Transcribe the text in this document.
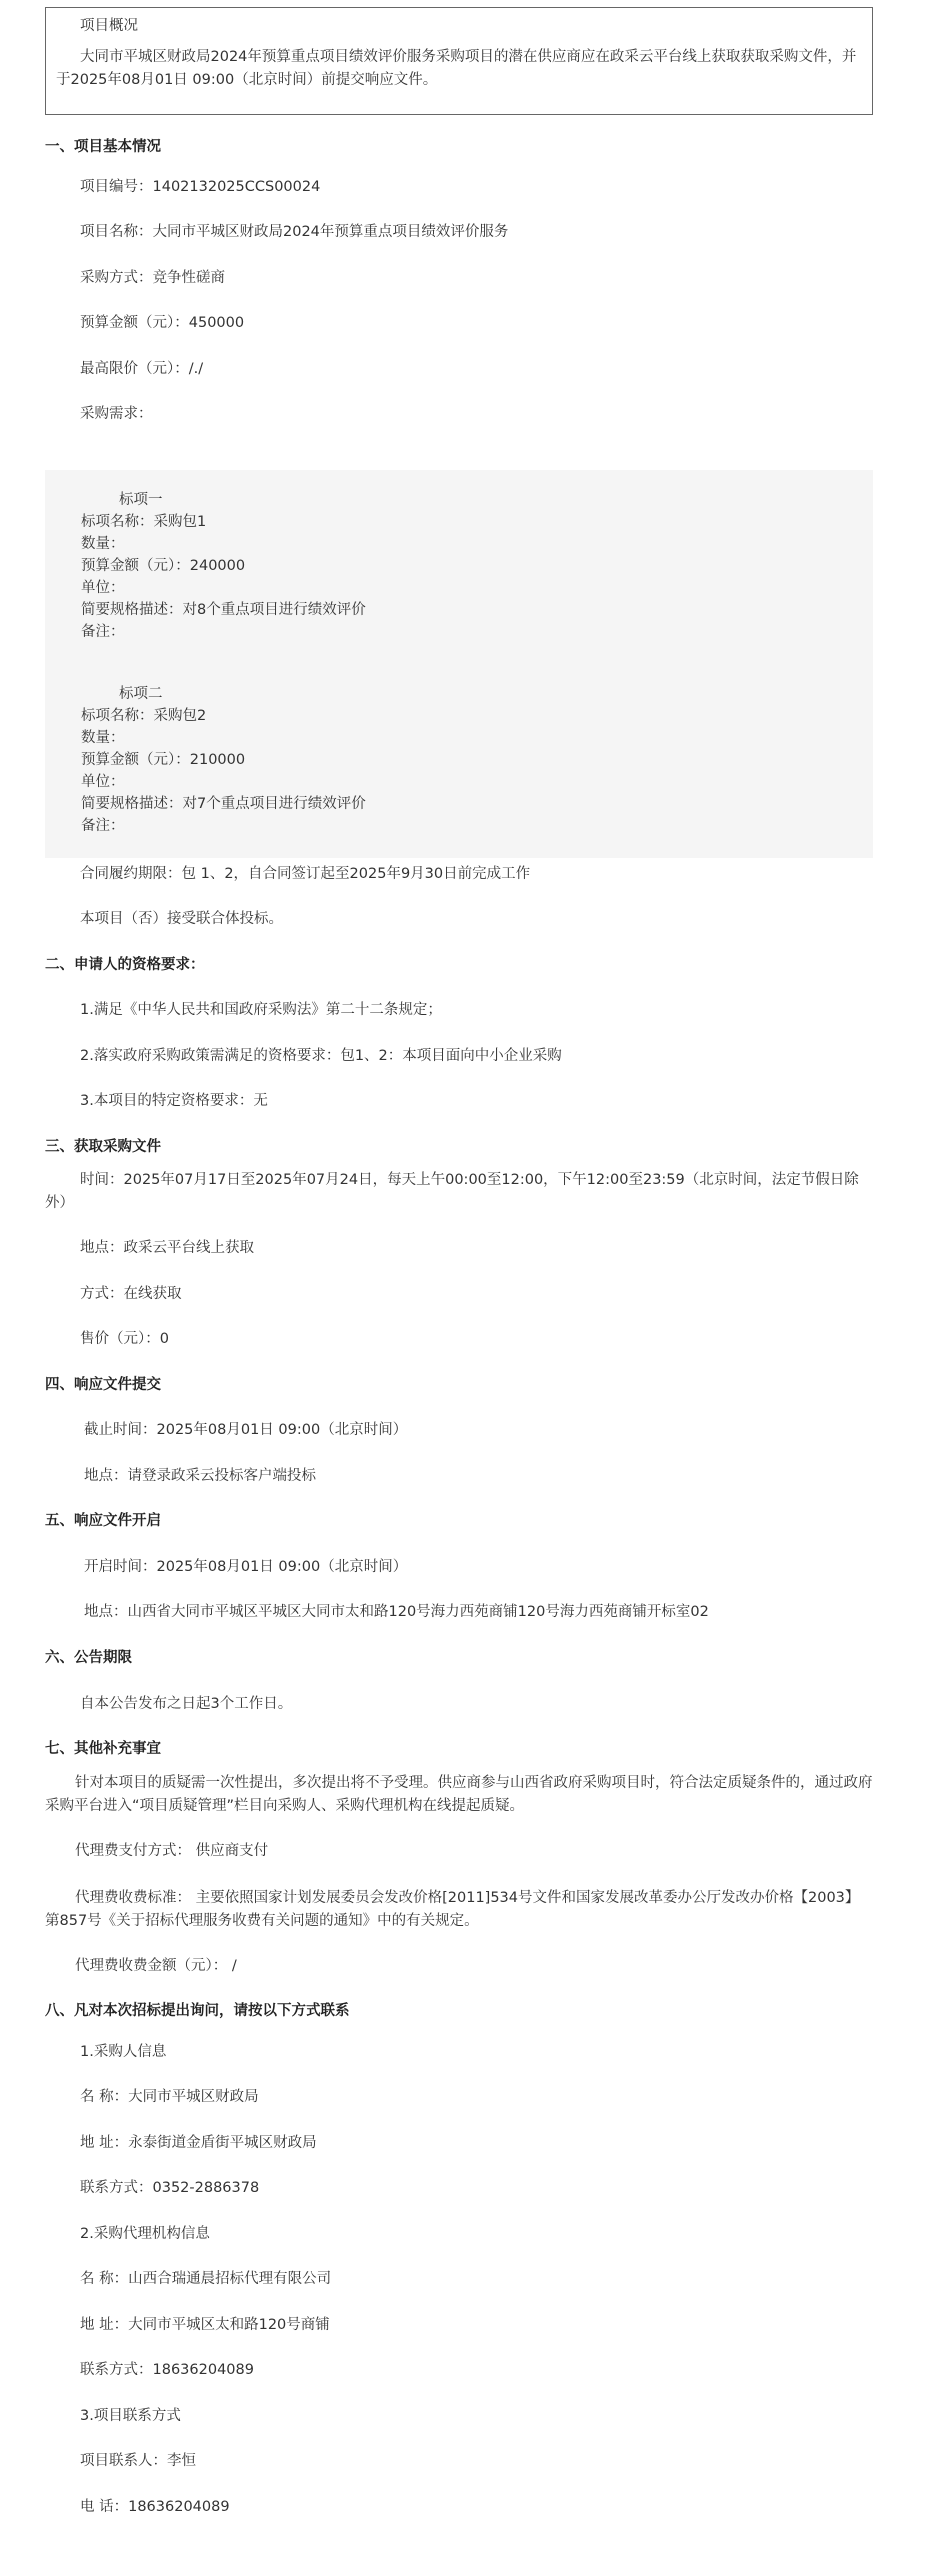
项目概况
大同市平城区财政局2024年预算重点项目绩效评价服务采购项目的潜在供应商应在政采云平台线上获取获取采购文件，并于2025年08月01日 09:00（北京时间）前提交响应文件。
一、项目基本情况
项目编号：1402132025CCS00024
项目名称：大同市平城区财政局2024年预算重点项目绩效评价服务
采购方式：竞争性磋商
预算金额（元）：450000
最高限价（元）：/./
采购需求：
标项一
标项名称：采购包1
数量：
预算金额（元）：240000
单位：
简要规格描述：对8个重点项目进行绩效评价
备注：
标项二
标项名称：采购包2
数量：
预算金额（元）：210000
单位：
简要规格描述：对7个重点项目进行绩效评价
备注：
合同履约期限：包 1、2，自合同签订起至2025年9月30日前完成工作
本项目（否）接受联合体投标。
二、申请人的资格要求：
1.满足《中华人民共和国政府采购法》第二十二条规定；
2.落实政府采购政策需满足的资格要求：包1、2：本项目面向中小企业采购
3.本项目的特定资格要求：无
三、获取采购文件
时间：2025年07月17日至2025年07月24日，每天上午00:00至12:00，下午12:00至23:59（北京时间，法定节假日除外）
地点：政采云平台线上获取
方式：在线获取
售价（元）：0
四、响应文件提交
截止时间：2025年08月01日 09:00（北京时间）
地点：请登录政采云投标客户端投标
五、响应文件开启
开启时间：2025年08月01日 09:00（北京时间）
地点：山西省大同市平城区平城区大同市太和路120号海力西苑商铺120号海力西苑商铺开标室02
六、公告期限
自本公告发布之日起3个工作日。
七、其他补充事宜
针对本项目的质疑需一次性提出，多次提出将不予受理。供应商参与山西省政府采购项目时，符合法定质疑条件的，通过政府采购平台进入“项目质疑管理”栏目向采购人、采购代理机构在线提起质疑。
代理费支付方式： 供应商支付
代理费收费标准： 主要依照国家计划发展委员会发改价格[2011]534号文件和国家发展改革委办公厅发改办价格【2003】第857号《关于招标代理服务收费有关问题的通知》中的有关规定。
代理费收费金额（元）： /
八、凡对本次招标提出询问，请按以下方式联系
1.采购人信息
名 称：大同市平城区财政局
地 址：永泰街道金盾街平城区财政局
联系方式：0352-2886378
2.采购代理机构信息
名 称：山西合瑞通晨招标代理有限公司
地 址：大同市平城区太和路120号商铺
联系方式：18636204089
3.项目联系方式
项目联系人：李恒
电 话：18636204089
